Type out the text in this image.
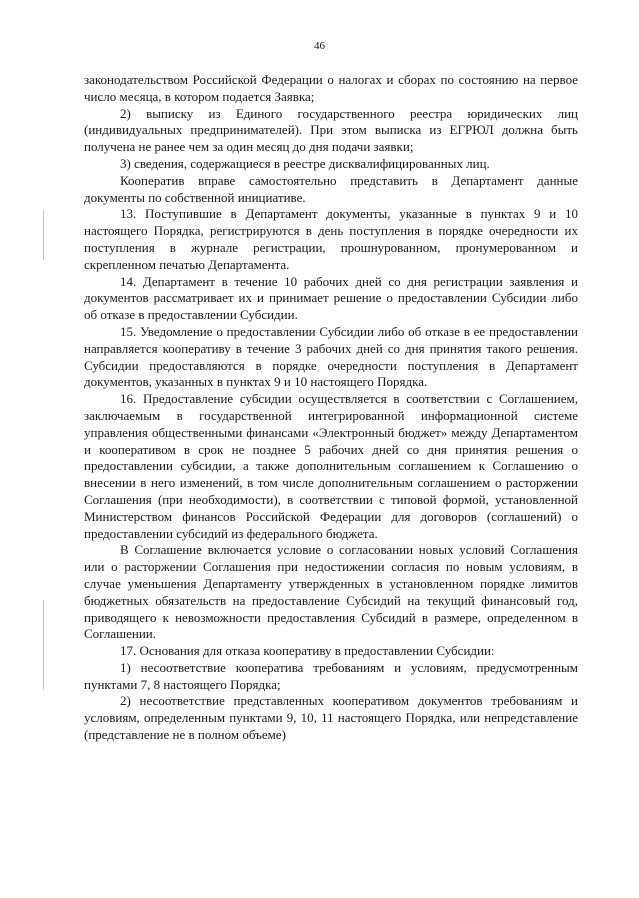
46

законодательством Российской Федерации о налогах и сборах по состоянию на первое число месяца, в котором подается Заявка;

2) выписку из Единого государственного реестра юридических лиц (индивидуальных предпринимателей). При этом выписка из ЕГРЮЛ должна быть получена не ранее чем за один месяц до дня подачи заявки;

3) сведения, содержащиеся в реестре дисквалифицированных лиц.

Кооператив вправе самостоятельно представить в Департамент данные документы по собственной инициативе.

13. Поступившие в Департамент документы, указанные в пунктах 9 и 10 настоящего Порядка, регистрируются в день поступления в порядке очередности их поступления в журнале регистрации, прошнурованном, пронумерованном и скрепленном печатью Департамента.

14. Департамент в течение 10 рабочих дней со дня регистрации заявления и документов рассматривает их и принимает решение о предоставлении Субсидии либо об отказе в предоставлении Субсидии.

15. Уведомление о предоставлении Субсидии либо об отказе в ее предоставлении направляется кооперативу в течение 3 рабочих дней со дня принятия такого решения. Субсидии предоставляются в порядке очередности поступления в Департамент документов, указанных в пунктах 9 и 10 настоящего Порядка.

16. Предоставление субсидии осуществляется в соответствии с Соглашением, заключаемым в государственной интегрированной информационной системе управления общественными финансами «Электронный бюджет» между Департаментом и кооперативом в срок не позднее 5 рабочих дней со дня принятия решения о предоставлении субсидии, а также дополнительным соглашением к Соглашению о внесении в него изменений, в том числе дополнительным соглашением о расторжении Соглашения (при необходимости), в соответствии с типовой формой, установленной Министерством финансов Российской Федерации для договоров (соглашений) о предоставлении субсидий из федерального бюджета.

В Соглашение включается условие о согласовании новых условий Соглашения или о расторжении Соглашения при недостижении согласия по новым условиям, в случае уменьшения Департаменту утвержденных в установленном порядке лимитов бюджетных обязательств на предоставление Субсидий на текущий финансовый год, приводящего к невозможности предоставления Субсидий в размере, определенном в Соглашении.

17. Основания для отказа кооперативу в предоставлении Субсидии:

1) несоответствие кооператива требованиям и условиям, предусмотренным пунктами 7, 8 настоящего Порядка;

2) несоответствие представленных кооперативом документов требованиям и условиям, определенным пунктами 9, 10, 11 настоящего Порядка, или непредставление (представление не в полном объеме)
